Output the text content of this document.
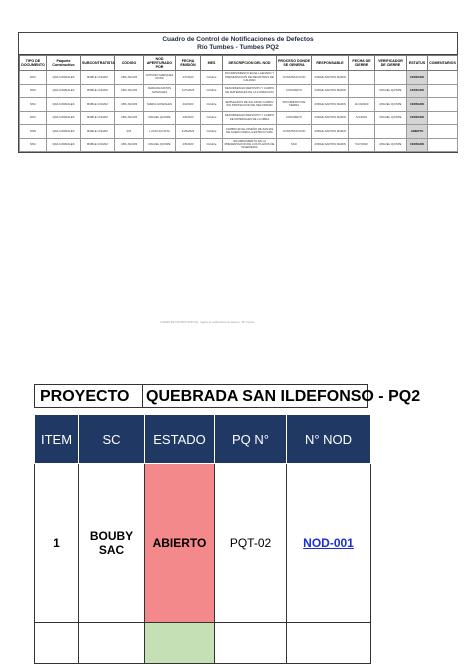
Cuadro de Control de Notificaciones de Defectos
Río Tumbes - Tumbes PQ2
TIPO DE DOCUMENTO	Paquete Constructivo	SUBCONTRATISTA	CÓDIGO	NOD APERTURADO POR	FECHA EMISIÓN	MES	DESCRIPCIÓN DEL NOD	PROCESO DONDE SE GENERA	RESPONSABLE	FECHA DE CIERRE	VERIFICADOR DE CIERRE	ESTATUS	COMENTARIOS
NNC	QDA CORRALES	BOBLE CONAM	CBC-N0-003	ANTONIO MARQUEZ ROSS	4/7/2023	Octubre	INCUMPLIMIENTO EN EL LLENADO Y PRESENTACION DE REGISTROS DE CALIDAD	CONSTRUCCION	JORGE SANTOS MARIN			CERRADO	
NNC	QDA CORRALES	BOBLE CONAM	CBC-N0-003	MARIANA MATOS GONZALES	12/7/2023	Octubre	DESORDEN EN DEPOSITO Y CAMPO DE MATERIALES DE LA FUNDACION	CONCRETO	JORGE SANTOS MARIN		MIGUEL QUISPE	CERRADO	
NNC	QDA CORRALES	BOBLE CONAM	CBC-N0-003	MARIA GONZALES	4/2/2023	Octubre	EMPLEADOS DE SALUD EN CAMPO SIN PROTECCION DE SEGURIDAD	MOVIMIENTO DE TIERRA	JORGE SANTOS MARIN	11/10/2023	MIGUEL QUISPE	CERRADO	
NNC	QDA CORRALES	BOBLE CONAM	CBC-N0-003	MIGUEL QUISPE	4/6/2023	Octubre	DESORDEN EN DEPOSITO Y CAMPO DE MATERIALES DE LA OBRA	CONCRETO	JORGE SANTOS MARIN	5/1/2023	MIGUEL QUISPE	CERRADO	
NNN	QDA CORRALES	BOBLE CONAM	001	LUCIO ACOSTA	4/25/2023	Octubre	CAMBIO EN EL DISEÑO DE ZANJAS DE ACERO PARA LA ESTRUCTURA	CONSTRUCCION	JORGE SANTOS MARIN			ABIERTO	
NNC	QDA CORRALES	BOBLE CONAM	CBC-N0-003	MIGUEL QUISPE	4/5/2023	Octubre	INCUMPLIMIENTO EN LA PRESENTACION DE LOS PLANOS DE INGENIERIA	SSO	JORGE SANTOS MARIN	5/17/2023	MIGUEL QUISPE	CERRADO	
CUADRO DE CONTROL NOD PQ2 - registro de notificaciones de defectos - Rio Tumbes
PROYECTO	QUEBRADA SAN ILDEFONSO - PQ2
ITEM	SC	ESTADO	PQ N°	N° NOD
1	BOUBY SAC	ABIERTO	PQT-02	NOD-001
